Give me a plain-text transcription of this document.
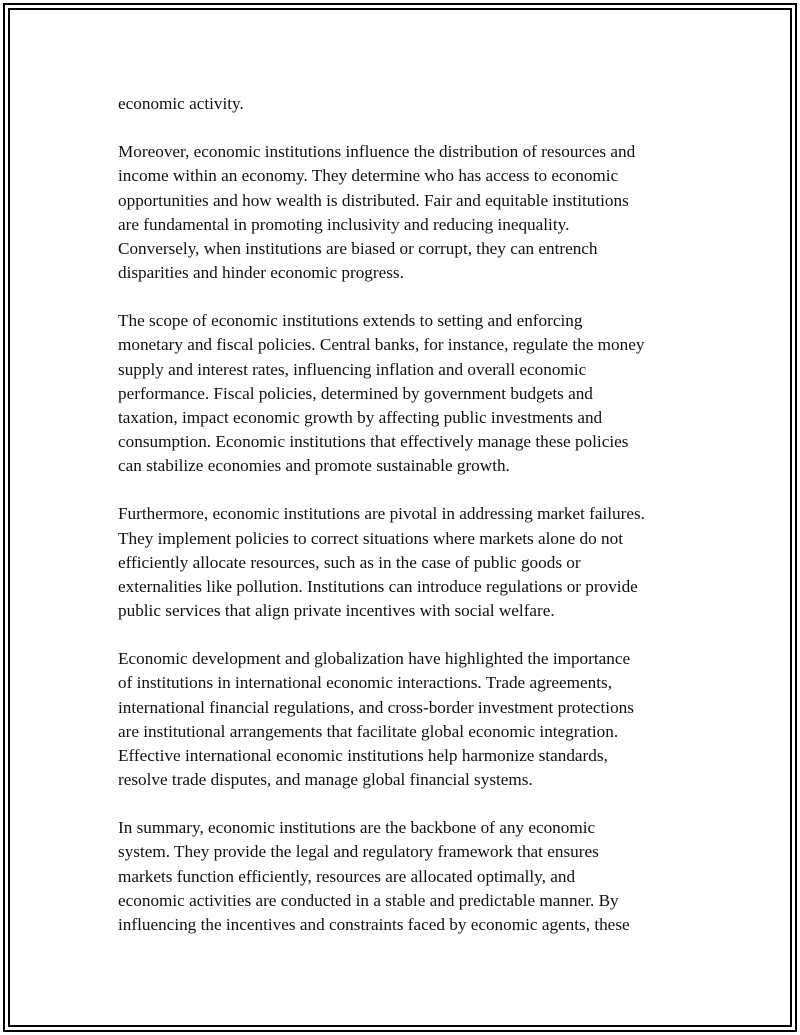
economic activity.
Moreover, economic institutions influence the distribution of resources and
income within an economy. They determine who has access to economic
opportunities and how wealth is distributed. Fair and equitable institutions
are fundamental in promoting inclusivity and reducing inequality.
Conversely, when institutions are biased or corrupt, they can entrench
disparities and hinder economic progress.
The scope of economic institutions extends to setting and enforcing
monetary and fiscal policies. Central banks, for instance, regulate the money
supply and interest rates, influencing inflation and overall economic
performance. Fiscal policies, determined by government budgets and
taxation, impact economic growth by affecting public investments and
consumption. Economic institutions that effectively manage these policies
can stabilize economies and promote sustainable growth.
Furthermore, economic institutions are pivotal in addressing market failures.
They implement policies to correct situations where markets alone do not
efficiently allocate resources, such as in the case of public goods or
externalities like pollution. Institutions can introduce regulations or provide
public services that align private incentives with social welfare.
Economic development and globalization have highlighted the importance
of institutions in international economic interactions. Trade agreements,
international financial regulations, and cross-border investment protections
are institutional arrangements that facilitate global economic integration.
Effective international economic institutions help harmonize standards,
resolve trade disputes, and manage global financial systems.
In summary, economic institutions are the backbone of any economic
system. They provide the legal and regulatory framework that ensures
markets function efficiently, resources are allocated optimally, and
economic activities are conducted in a stable and predictable manner. By
influencing the incentives and constraints faced by economic agents, these
